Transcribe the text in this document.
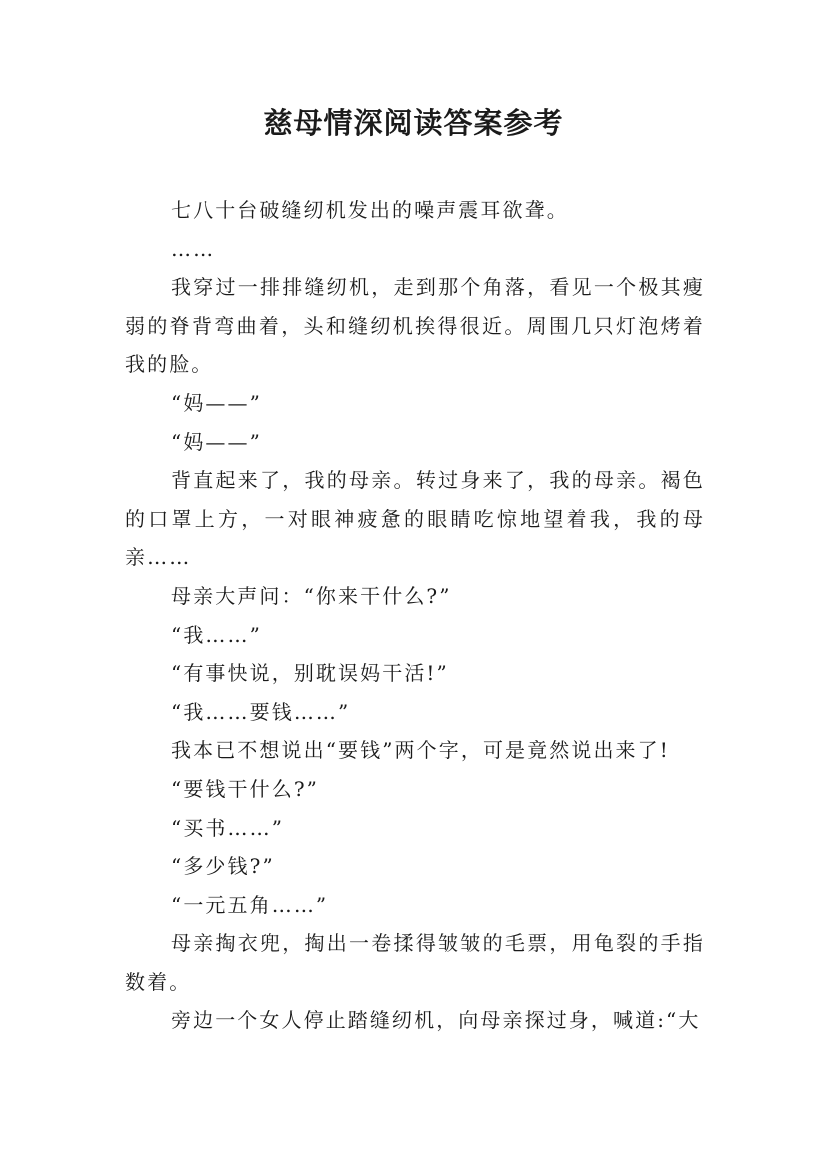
慈母情深阅读答案参考

七八十台破缝纫机发出的噪声震耳欲聋。

……

我穿过一排排缝纫机，走到那个角落，看见一个极其瘦弱的脊背弯曲着，头和缝纫机挨得很近。周围几只灯泡烤着我的脸。

“妈——”

“妈——”

背直起来了，我的母亲。转过身来了，我的母亲。褐色的口罩上方，一对眼神疲惫的眼睛吃惊地望着我，我的母亲……

母亲大声问：“你来干什么?”

“我……”

“有事快说，别耽误妈干活!”

“我……要钱……”

我本已不想说出“要钱”两个字，可是竟然说出来了!

“要钱干什么?”

“买书……”

“多少钱?”

“一元五角……”

母亲掏衣兜，掏出一卷揉得皱皱的毛票，用龟裂的手指数着。

旁边一个女人停止踏缝纫机，向母亲探过身，喊道:“大
